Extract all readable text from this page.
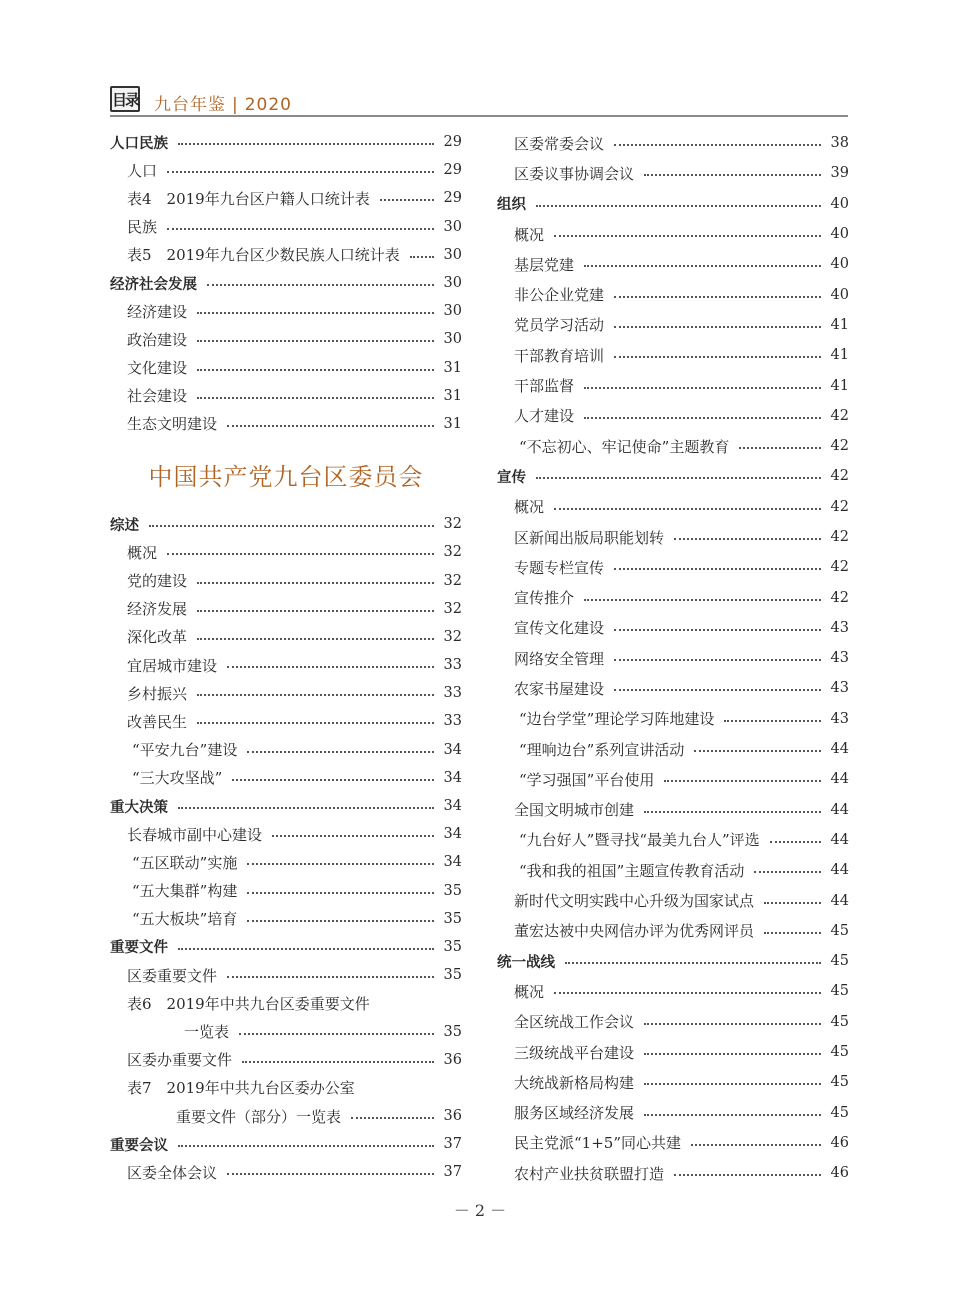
目录 九台年鉴 | 2020
人口民族	29
人口	29
表4　2019年九台区户籍人口统计表	29
民族	30
表5　2019年九台区少数民族人口统计表	30
经济社会发展	30
经济建设	30
政治建设	30
文化建设	31
社会建设	31
生态文明建设	31
中国共产党九台区委员会
综述	32
概况	32
党的建设	32
经济发展	32
深化改革	32
宜居城市建设	33
乡村振兴	33
改善民生	33
“平安九台”建设	34
“三大攻坚战”	34
重大决策	34
长春城市副中心建设	34
“五区联动”实施	34
“五大集群”构建	35
“五大板块”培育	35
重要文件	35
区委重要文件	35
表6　2019年中共九台区委重要文件
一览表	35
区委办重要文件	36
表7　2019年中共九台区委办公室
重要文件（部分）一览表	36
重要会议	37
区委全体会议	37
区委常委会议	38
区委议事协调会议	39
组织	40
概况	40
基层党建	40
非公企业党建	40
党员学习活动	41
干部教育培训	41
干部监督	41
人才建设	42
“不忘初心、牢记使命”主题教育	42
宣传	42
概况	42
区新闻出版局职能划转	42
专题专栏宣传	42
宣传推介	42
宣传文化建设	43
网络安全管理	43
农家书屋建设	43
“边台学堂”理论学习阵地建设	43
“理响边台”系列宣讲活动	44
“学习强国”平台使用	44
全国文明城市创建	44
“九台好人”暨寻找“最美九台人”评选	44
“我和我的祖国”主题宣传教育活动	44
新时代文明实践中心升级为国家试点	44
董宏达被中央网信办评为优秀网评员	45
统一战线	45
概况	45
全区统战工作会议	45
三级统战平台建设	45
大统战新格局构建	45
服务区域经济发展	45
民主党派“1+5”同心共建	46
农村产业扶贫联盟打造	46
－ 2 －
